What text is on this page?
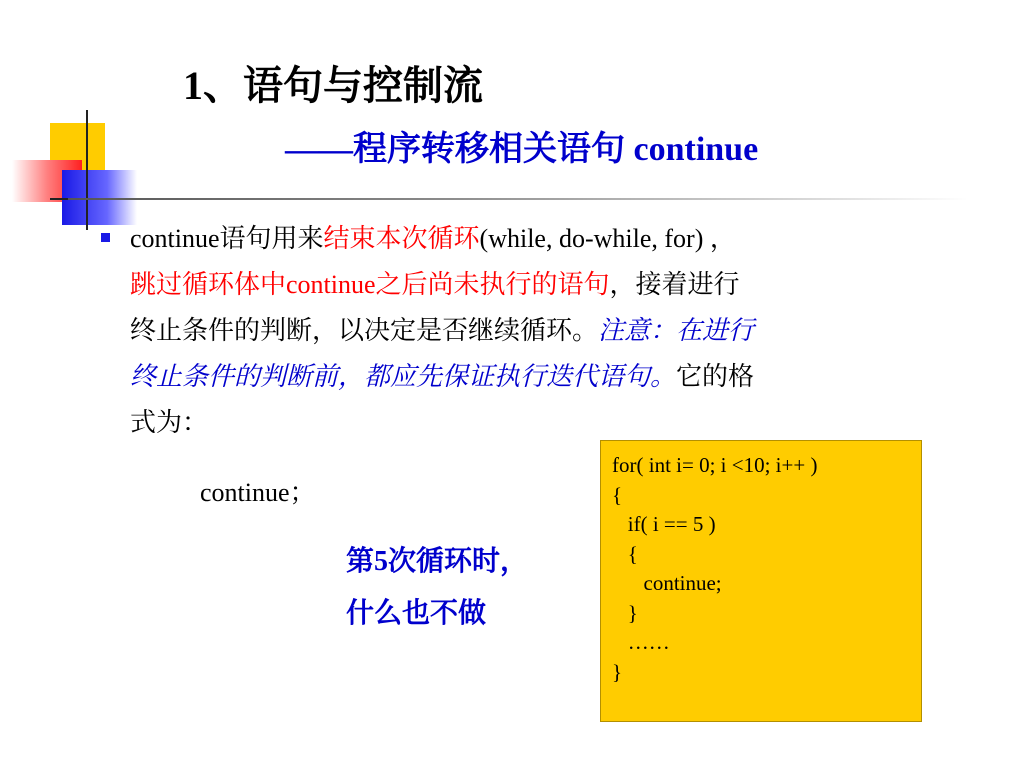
1、语句与控制流
——程序转移相关语句 continue
continue语句用来结束本次循环(while, do-while, for) ，
跳过循环体中continue之后尚未执行的语句，接着进行
终止条件的判断，以决定是否继续循环。注意：在进行
终止条件的判断前，都应先保证执行迭代语句。它的格
式为：
continue；
第5次循环时，
什么也不做
for( int i= 0; i <10; i++ )
{
if( i == 5 )
{
continue;
}
……
}
